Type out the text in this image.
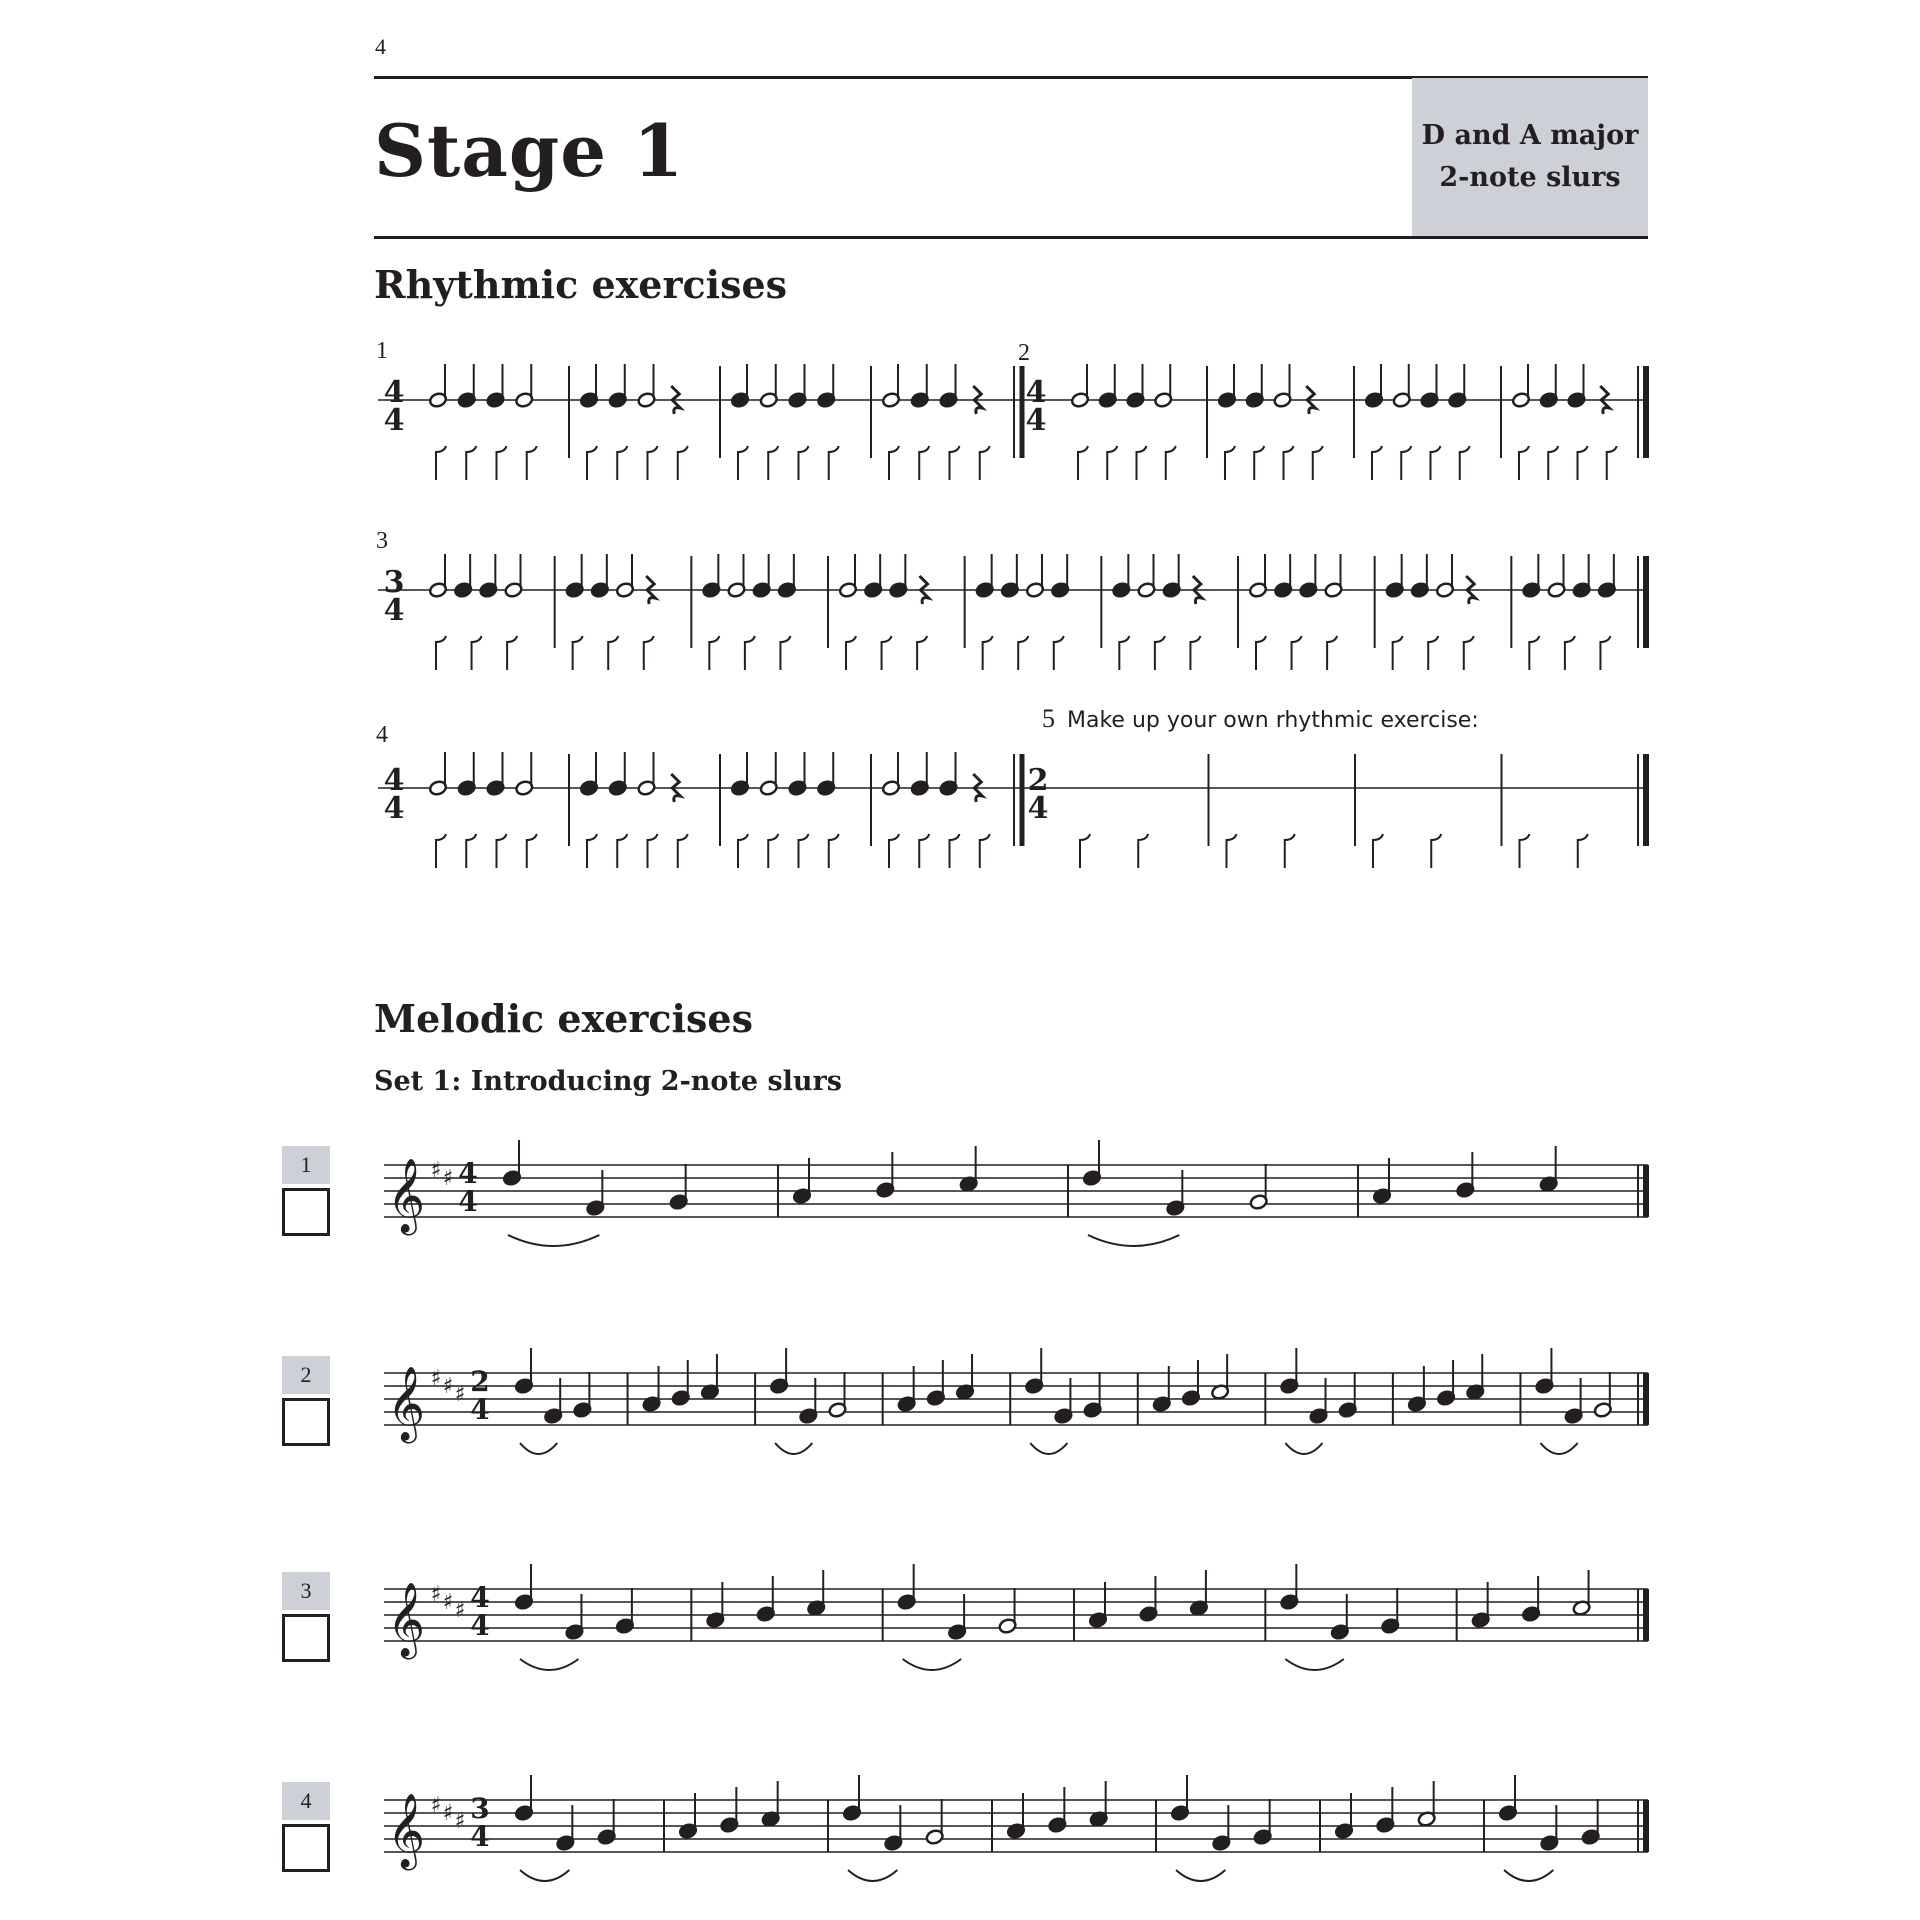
4
Stage 1	D and A major
2-note slurs
Rhythmic exercises
1	2
3
4
5 Make up your own rhythmic exercise:
Melodic exercises
Set 1: Introducing 2-note slurs
1
2
3
4
4
4
4
4
3
4
4
4
2
4
𝄞 ♯ ♯ 4
4
𝄞 ♯ ♯ ♯ 2
4
𝄞 ♯ ♯ ♯ 4
4
𝄞 ♯ ♯ ♯ 3
4
